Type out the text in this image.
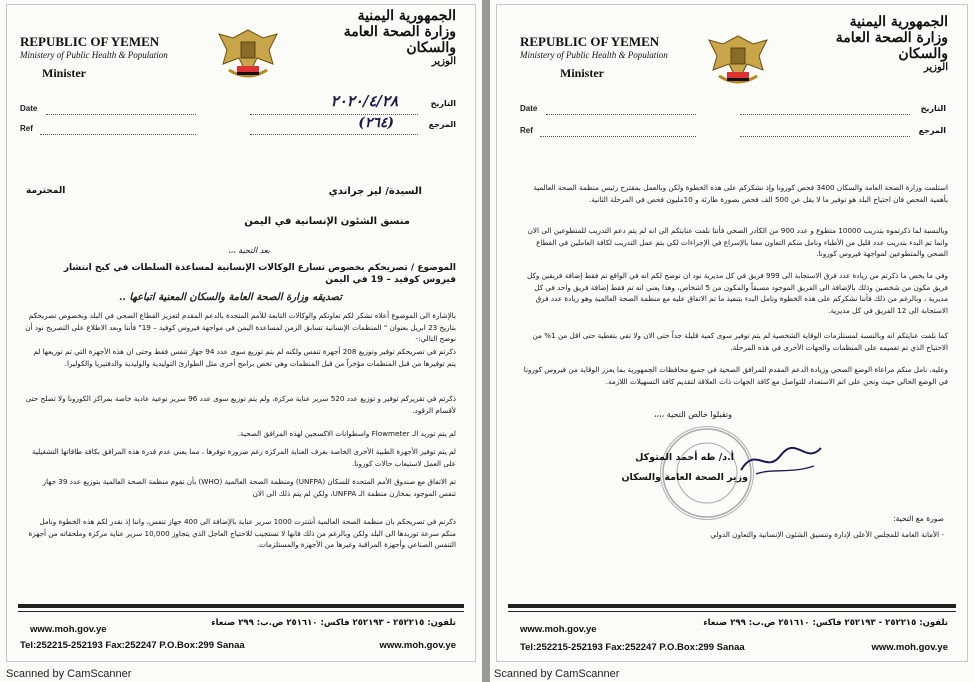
REPUBLIC OF YEMEN
Ministery of Public Health & Population
Minister
الجمهورية اليمنية
وزارة الصحة العامة والسكان
الوزير
Date
Ref
التاريخ
المرجع
٢٠٢٠/٤/٢٨
(٢٦٤)
السيدة/ ليز جراندي
المحترمة
منسق الشئون الإنسانية في اليمن
بعد التحية ،،،
الموضوع / تصريحكم بخصوص تسارع الوكالات الإنسانية لمساعدة السلطات في كبح انتشار فيروس كوفيد – 19 في اليمن
تصديقه وزارة الصحة العامة والسكان المعنية اتباعها ..
بالإشارة الى الموضوع أعلاه نشكر لكم تعاونكم والوكالات التابعة للأمم المتحدة بالدعم المقدم لتعزيز القطاع الصحي في البلد وبخصوص تصريحكم بتاريخ 23 ابريل بعنوان " المنظمات الإنسانية تسابق الزمن لمساعدة اليمن في مواجهة فيروس كوفيد – 19" فأننا وبعد الاطلاع على التصريح نود أن نوضح التالي:-
ذكرتم في تصريحكم توفير وتوزيع 208 أجهزة تنفس ولكنه لم يتم توزيع سوى عدد 94 جهاز تنفس فقط وحتى ان هذه الأجهزة التي تم توزيعها لم يتم توفيرها من قبل المنظمات مؤخراً من قبل المنظمات وهي تخص برامج أخرى مثل الطوارئ التوليدية والوليدية والدفتيريا والكوليرا.
ذكرتم في تقريركم توفير و توزيع عدد 520 سرير عناية مركزة، ولم يتم توزيع سوى عدد 96 سرير نوعية عادية خاصة بمراكز الكورونا ولا تصلح حتى لأقسام الرقود.
لم يتم توريد الـ Flowmeter واسطوانات الاكسجين لهذه المرافق الصحية.
لم يتم توفير الأجهزة الطبية الأخرى الخاصة بغرف العناية المركزة رغم ضرورة توفرها ، مما يعني عدم قدرة هذه المرافق بكافة طاقاتها التشغيلية على العمل لاستيعاب حالات كورونا.
تم الاتفاق مع صندوق الأمم المتحدة للسكان (UNFPA) ومنظمة الصحة العالمية (WHO) بأن تقوم منظمة الصحة العالمية بتوزيع عدد 39 جهاز تنفس الموجود بمخازن منظمة الـ UNFPA، ولكن لم يتم ذلك الى الان
ذكرتم في تصريحكم بان منظمة الصحة العالمية أشترت 1000 سرير عناية بالإضافة الى 400 جهاز تنفس، واننا إذ نقدر لكم هذه الخطوة ونامل منكم سرعة توريدها الى البلد ولكن وبالرغم من ذلك فانها لا تستجيب للاحتياج العاجل الذي يتجاوز 10,000 سرير عناية مركزة وملحقاته من أجهزة التنفس الصناعي وأجهزة المراقبة وغيرها من الأجهزة والمستلزمات.
تلفون: ٢٥٢٢١٥ - ٢٥٢١٩٣ فاكس: ٢٥١٦١٠ ص.ب: ٢٩٩ صنعاء
www.moh.gov.ye
Tel:252215-252193 Fax:252247 P.O.Box:299 Sanaa	www.moh.gov.ye
Scanned by CamScanner
REPUBLIC OF YEMEN
Ministery of Public Health & Population
Minister
الجمهورية اليمنية
وزارة الصحة العامة والسكان
الوزير
Date
Ref
التاريخ
المرجع
استلمت وزارة الصحة العامة والسكان 3400 فحص كورونا وإذ نشكركم على هذه الخطوة ولكن وبالعمل بمقترح رئيس منظمة الصحة العالمية بأهمية الفحص فان احتياج البلد هو توفير ما لا يقل عن 500 الف فحص بصورة طارئة و 10مليون فحص في المرحلة الثانية.
وبالنسبة لما ذكرتموه بتدريب 10000 متطوع و عدد 900 من الكادر الصحي فأننا نلفت عنايتكم الى انه لم يتم دعم التدريب للمتطوعين الى الان وانما تم البدء بتدريب عدد قليل من الأطباء ونامل منكم التعاون معنا بالإسراع في الإجراءات لكي يتم عمل التدريب لكافة العاملين في القطاع الصحي والمتطوعين لمواجهة فيروس كورونا.
وفي ما يخص ما ذكرتم من زيادة عدد فرق الاستجابة الى 999 فريق في كل مديرية نود ان نوضح لكم انه في الواقع تم فقط إضافة فريقين وكل فريق مكون من شخصين وذلك بالإضافة الى الفريق الموجود مسبقاً والمكون من 5 اشخاص، وهذا يعني انه تم فقط إضافة فريق واحد في كل مديرية ، وبالرغم من ذلك فأننا نشكركم على هذه الخطوة ونامل البدء بتنفيذ ما تم الاتفاق عليه مع منظمة الصحة العالمية وهو زيادة عدد فرق الاستجابة الى 12 الفريق في كل مديرية.
كما نلفت عنايتكم انه وبالنسبة لمستلزمات الوقاية الشخصية لم يتم توفير سوى كمية قليلة جداً حتى الان ولا تفي بتغطية حتى اقل من 1% من الاحتياج الذي تم تعميمه على المنظمات والجهات الأخرى في هذه المرحلة.
وعليه، نامل منكم مراعاة الوضع الصحي وزيادة الدعم المقدم للمرافق الصحية في جميع محافظات الجمهورية بما يعزز الوقاية من فيروس كورونا في الوضع الحالي حيث ونحن على اتم الاستعداد للتواصل مع كافة الجهات ذات العلاقة لتقديم كافة التسهيلات اللازمة.
وتقبلوا خالص التحية ،،،،
أ.د/ طه أحمد المتوكل
وزير الصحة العامة والسكان
صورة مع التحية:
- الأمانة العامة للمجلس الأعلى لإدارة وتنسيق الشئون الإنسانية والتعاون الدولي
تلفون: ٢٥٢٢١٥ - ٢٥٢١٩٣ فاكس: ٢٥١٦١٠ ص.ب: ٢٩٩ صنعاء
www.moh.gov.ye
Tel:252215-252193 Fax:252247 P.O.Box:299 Sanaa	www.moh.gov.ye
Scanned by CamScanner
